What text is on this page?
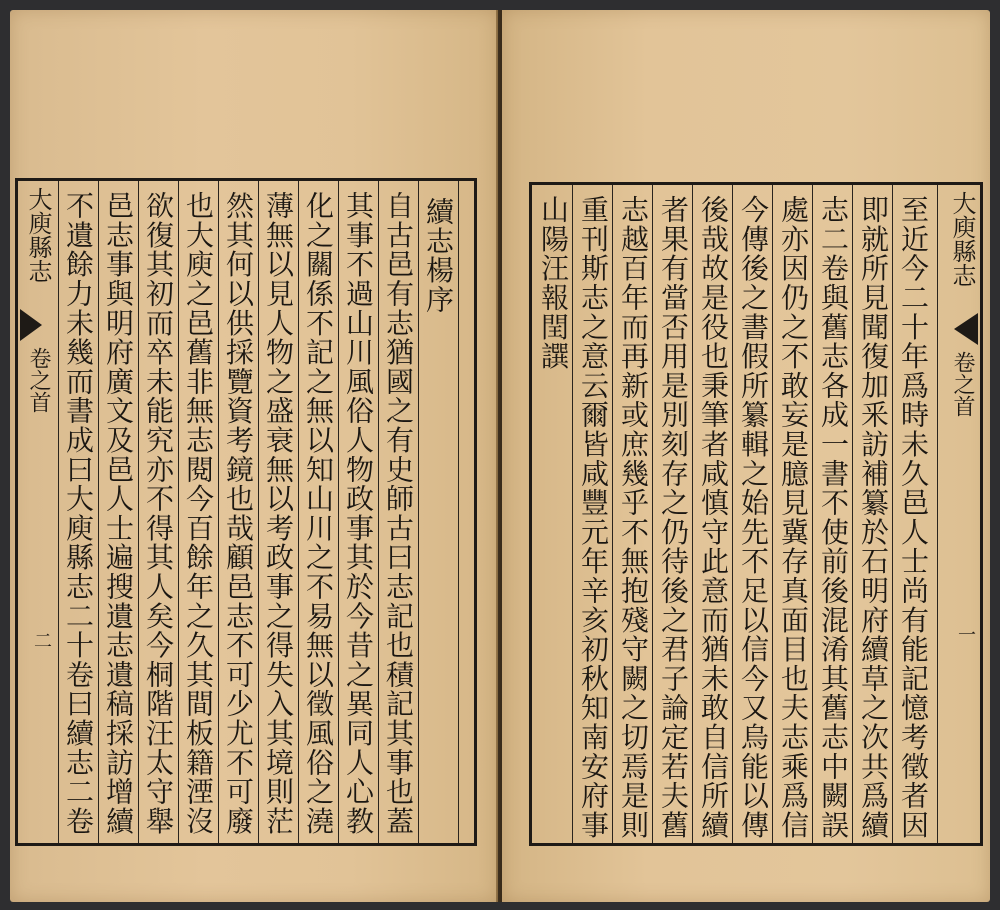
續志楊序
自古邑有志猶國之有史師古曰志記也積記其事也蓋
其事不過山川風俗人物政事其於今昔之異同人心教
化之關係不記之無以知山川之不易無以徵風俗之澆
薄無以見人物之盛衰無以考政事之得失入其境則茫
然其何以供採覽資考鏡也哉顧邑志不可少尤不可廢
也大庾之邑舊非無志閱今百餘年之久其間板籍湮沒
欲復其初而卒未能究亦不得其人矣今桐階汪太守舉
邑志事與明府廣文及邑人士遍搜遺志遺稿採訪增續
不遺餘力未幾而書成曰大庾縣志二十卷曰續志二卷
大庾縣志
卷之首
二	至近今二十年爲時未久邑人士尚有能記憶考徵者因
即就所見聞復加釆訪補纂於石明府續草之次共爲續
志二卷與舊志各成一書不使前後混淆其舊志中闕誤
處亦因仍之不敢妄是臆見冀存真面目也夫志乘爲信
今傳後之書假所纂輯之始先不足以信今又烏能以傳
後哉故是役也秉筆者咸慎守此意而猶未敢自信所續
者果有當否用是別刻存之仍待後之君子論定若夫舊
志越百年而再新或庶幾乎不無抱殘守闕之切焉是則
重刊斯志之意云爾皆咸豐元年辛亥初秋知南安府事
山陽汪報閏譔	大庾縣志
卷之首
一
